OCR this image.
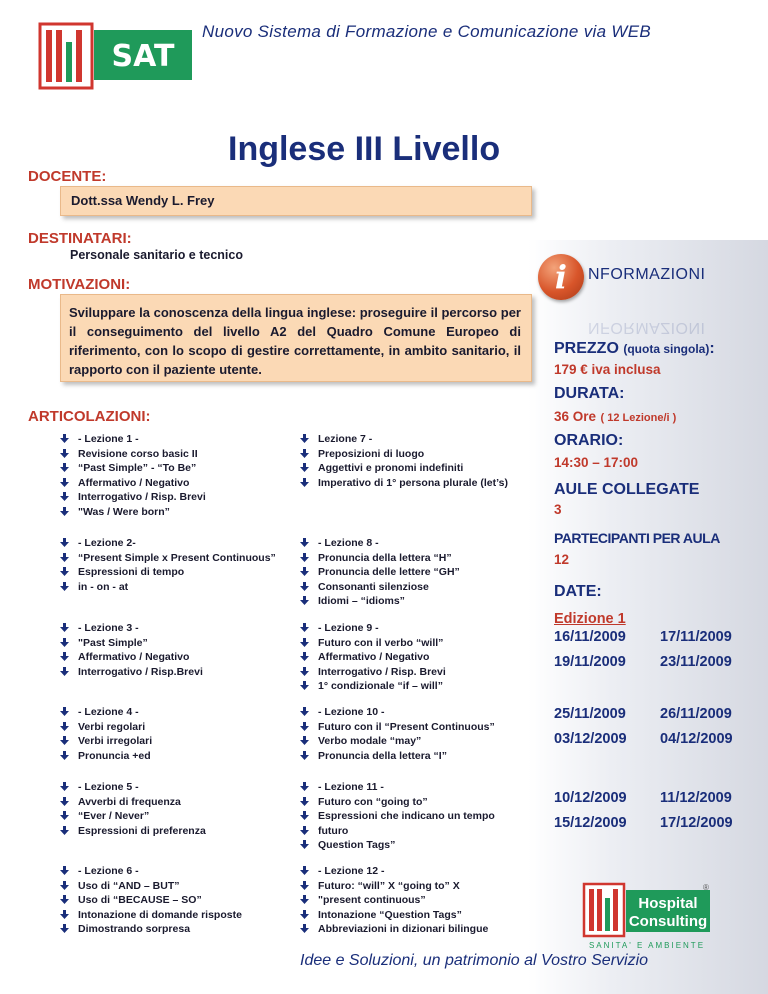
SAT
Nuovo Sistema di Formazione e Comunicazione via WEB
Inglese III Livello
DOCENTE:
Dott.ssa Wendy L. Frey
DESTINATARI:
Personale sanitario e tecnico
MOTIVAZIONI:

Sviluppare la conoscenza della lingua inglese: proseguire il percorso per il conseguimento del livello A2 del Quadro Comune Europeo di riferimento, con lo scopo di gestire correttamente, in ambito sanitario, il rapporto con il paziente utente.

ARTICOLAZIONI:
- Lezione 1 -
Revisione corso basic II
“Past Simple” - “To Be”
Affermativo / Negativo
Interrogativo / Risp. Brevi
"Was / Were born”
- Lezione 2-
“Present Simple x Present Continuous”
Espressioni di tempo
in - on - at
- Lezione 3 -
"Past Simple”
Affermativo / Negativo
Interrogativo / Risp.Brevi
- Lezione 4 -
Verbi regolari
Verbi irregolari
Pronuncia +ed
- Lezione 5 -
Avverbi di frequenza
“Ever / Never”
Espressioni di preferenza
- Lezione 6 -
Uso di “AND – BUT”
Uso di “BECAUSE – SO”
Intonazione di domande risposte
Dimostrando sorpresa
Lezione 7 -
Preposizioni di luogo
Aggettivi e pronomi indefiniti
Imperativo di 1° persona plurale (let’s)
- Lezione 8 -
Pronuncia della lettera “H”
Pronuncia delle lettere “GH”
Consonanti silenziose
Idiomi – “idioms”
- Lezione 9 -
Futuro con il verbo “will”
Affermativo / Negativo
Interrogativo / Risp. Brevi
1° condizionale “if – will”
- Lezione 10 -
Futuro con il “Present Continuous”
Verbo modale “may”
Pronuncia della lettera “I”
- Lezione 11 -
Futuro con “going to”
Espressioni che indicano un tempo
futuro
Question Tags”
- Lezione 12 -
Futuro: “will” X “going to” X
"present continuous”
Intonazione “Question Tags”
Abbreviazioni in dizionari bilingue
i	NFORMAZIONI
NFORMAZIONI
PREZZO (quota singola):
179 € iva inclusa
DURATA:
36 Ore ( 12 Lezione/i )
ORARIO:
14:30 – 17:00
AULE COLLEGATE
3
PARTECIPANTI PER AULA
12
DATE:
Edizione 1
16/11/2009 17/11/2009
19/11/2009 23/11/2009
25/11/2009 26/11/2009
03/12/2009 04/12/2009
10/12/2009 11/12/2009
15/12/2009 17/12/2009
Hospital
Consulting
®
SANITA' E AMBIENTE
Idee e Soluzioni, un patrimonio al Vostro Servizio
